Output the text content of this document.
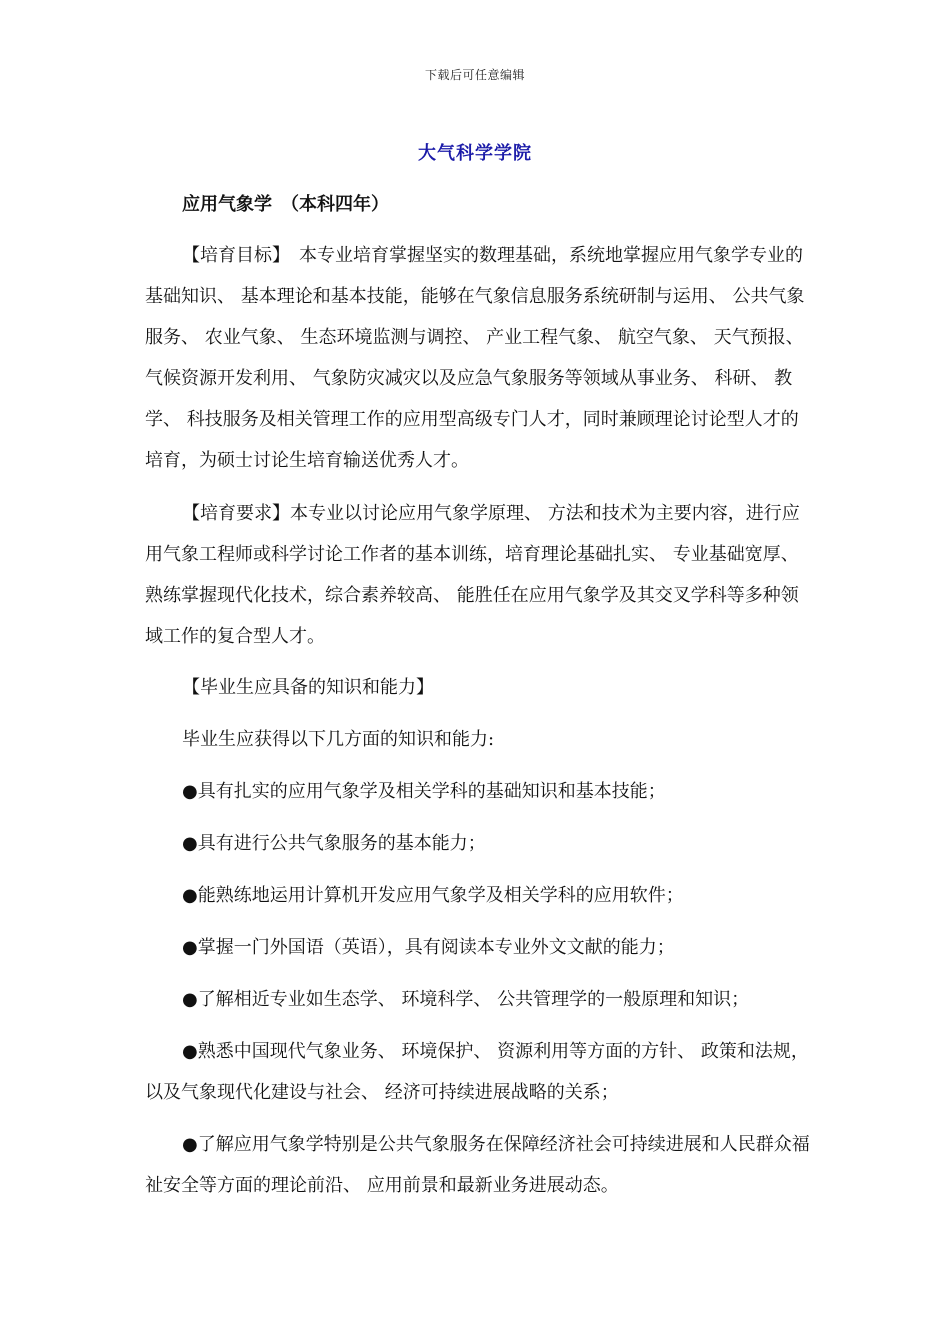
下载后可任意编辑
大气科学学院

应用气象学　 （本科四年）

【培育目标】　 本专业培育掌握坚实的数理基础，系统地掌握应用气象学专业的基础知识、 基本理论和基本技能，能够在气象信息服务系统研制与运用、 公共气象服务、 农业气象、 生态环境监测与调控、 产业工程气象、 航空气象、 天气预报、 气候资源开发利用、 气象防灾减灾以及应急气象服务等领域从事业务、 科研、 教学、 科技服务及相关管理工作的应用型高级专门人才，同时兼顾理论讨论型人才的培育，为硕士讨论生培育输送优秀人才。

【培育要求】本专业以讨论应用气象学原理、 方法和技术为主要内容，进行应用气象工程师或科学讨论工作者的基本训练，培育理论基础扎实、 专业基础宽厚、 熟练掌握现代化技术，综合素养较高、 能胜任在应用气象学及其交叉学科等多种领域工作的复合型人才。

【毕业生应具备的知识和能力】

毕业生应获得以下几方面的知识和能力:

●具有扎实的应用气象学及相关学科的基础知识和基本技能；

●具有进行公共气象服务的基本能力；

●能熟练地运用计算机开发应用气象学及相关学科的应用软件；

●掌握一门外国语（英语），具有阅读本专业外文文献的能力；

●了解相近专业如生态学、 环境科学、 公共管理学的一般原理和知识；

●熟悉中国现代气象业务、 环境保护、 资源利用等方面的方针、 政策和法规，以及气象现代化建设与社会、 经济可持续进展战略的关系；

●了解应用气象学特别是公共气象服务在保障经济社会可持续进展和人民群众福祉安全等方面的理论前沿、 应用前景和最新业务进展动态。
